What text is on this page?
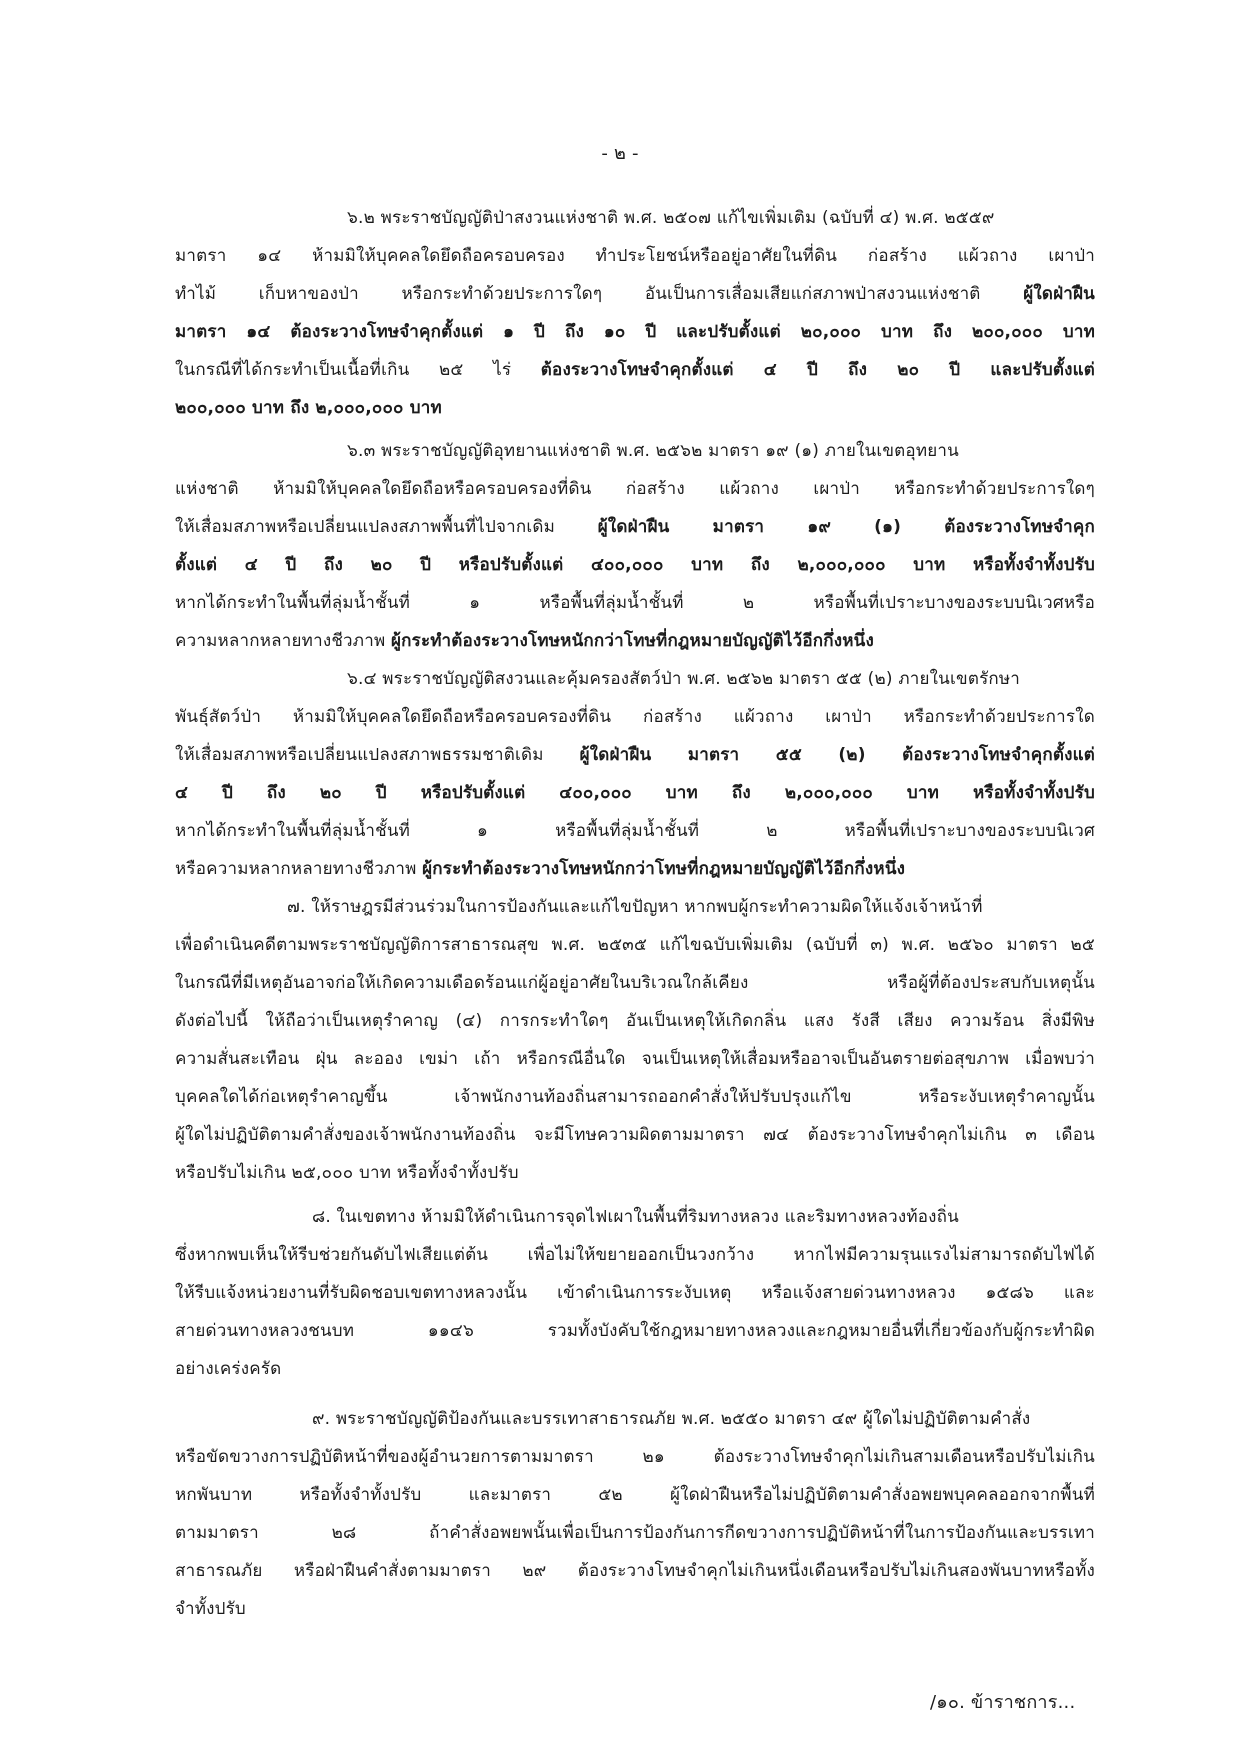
- ๒ -
๖.๒ พระราชบัญญัติป่าสงวนแห่งชาติ พ.ศ. ๒๕๐๗ แก้ไขเพิ่มเติม (ฉบับที่ ๔) พ.ศ. ๒๕๕๙
มาตรา ๑๔ ห้ามมิให้บุคคลใดยึดถือครอบครอง ทำประโยชน์หรืออยู่อาศัยในที่ดิน ก่อสร้าง แผ้วถาง เผาป่า
ทำไม้ เก็บหาของป่า หรือกระทำด้วยประการใดๆ อันเป็นการเสื่อมเสียแก่สภาพป่าสงวนแห่งชาติ	ผู้ใดฝ่าฝืน
มาตรา ๑๔ ต้องระวางโทษจำคุกตั้งแต่ ๑ ปี ถึง ๑๐ ปี และปรับตั้งแต่ ๒๐,๐๐๐ บาท ถึง ๒๐๐,๐๐๐ บาท
ในกรณีที่ได้กระทำเป็นเนื้อที่เกิน ๒๕ ไร่ ต้องระวางโทษจำคุกตั้งแต่ ๔ ปี ถึง ๒๐ ปี และปรับตั้งแต่
๒๐๐,๐๐๐ บาท ถึง ๒,๐๐๐,๐๐๐ บาท
๖.๓ พระราชบัญญัติอุทยานแห่งชาติ พ.ศ. ๒๕๖๒ มาตรา ๑๙ (๑) ภายในเขตอุทยาน
แห่งชาติ ห้ามมิให้บุคคลใดยึดถือหรือครอบครองที่ดิน ก่อสร้าง แผ้วถาง เผาป่า หรือกระทำด้วยประการใดๆ
ให้เสื่อมสภาพหรือเปลี่ยนแปลงสภาพพื้นที่ไปจากเดิม	ผู้ใดฝ่าฝืน มาตรา ๑๙ (๑) ต้องระวางโทษจำคุก
ตั้งแต่ ๔ ปี ถึง ๒๐ ปี หรือปรับตั้งแต่ ๔๐๐,๐๐๐ บาท ถึง ๒,๐๐๐,๐๐๐ บาท หรือทั้งจำทั้งปรับ
หากได้กระทำในพื้นที่ลุ่มน้ำชั้นที่ ๑ หรือพื้นที่ลุ่มน้ำชั้นที่ ๒ หรือพื้นที่เปราะบางของระบบนิเวศหรือ
ความหลากหลายทางชีวภาพ ผู้กระทำต้องระวางโทษหนักกว่าโทษที่กฎหมายบัญญัติไว้อีกกึ่งหนึ่ง
๖.๔ พระราชบัญญัติสงวนและคุ้มครองสัตว์ป่า พ.ศ. ๒๕๖๒ มาตรา ๕๕ (๒) ภายในเขตรักษา
พันธุ์สัตว์ป่า ห้ามมิให้บุคคลใดยึดถือหรือครอบครองที่ดิน ก่อสร้าง แผ้วถาง เผาป่า หรือกระทำด้วยประการใด
ให้เสื่อมสภาพหรือเปลี่ยนแปลงสภาพธรรมชาติเดิม ผู้ใดฝ่าฝืน มาตรา ๕๕ (๒) ต้องระวางโทษจำคุกตั้งแต่
๔ ปี ถึง ๒๐ ปี หรือปรับตั้งแต่ ๔๐๐,๐๐๐ บาท ถึง ๒,๐๐๐,๐๐๐ บาท หรือทั้งจำทั้งปรับ
หากได้กระทำในพื้นที่ลุ่มน้ำชั้นที่ ๑ หรือพื้นที่ลุ่มน้ำชั้นที่ ๒ หรือพื้นที่เปราะบางของระบบนิเวศ
หรือความหลากหลายทางชีวภาพ ผู้กระทำต้องระวางโทษหนักกว่าโทษที่กฎหมายบัญญัติไว้อีกกึ่งหนึ่ง
๗. ให้ราษฎรมีส่วนร่วมในการป้องกันและแก้ไขปัญหา หากพบผู้กระทำความผิดให้แจ้งเจ้าหน้าที่
เพื่อดำเนินคดีตามพระราชบัญญัติการสาธารณสุข พ.ศ. ๒๕๓๕ แก้ไขฉบับเพิ่มเติม (ฉบับที่ ๓) พ.ศ. ๒๕๖๐ มาตรา ๒๕
ในกรณีที่มีเหตุอันอาจก่อให้เกิดความเดือดร้อนแก่ผู้อยู่อาศัยในบริเวณใกล้เคียง หรือผู้ที่ต้องประสบกับเหตุนั้น
ดังต่อไปนี้ ให้ถือว่าเป็นเหตุรำคาญ (๔) การกระทำใดๆ อันเป็นเหตุให้เกิดกลิ่น แสง รังสี เสียง ความร้อน สิ่งมีพิษ
ความสั่นสะเทือน ฝุ่น ละออง เขม่า เถ้า หรือกรณีอื่นใด จนเป็นเหตุให้เสื่อมหรืออาจเป็นอันตรายต่อสุขภาพ เมื่อพบว่า
บุคคลใดได้ก่อเหตุรำคาญขึ้น เจ้าพนักงานท้องถิ่นสามารถออกคำสั่งให้ปรับปรุงแก้ไข หรือระงับเหตุรำคาญนั้น
ผู้ใดไม่ปฏิบัติตามคำสั่งของเจ้าพนักงานท้องถิ่น จะมีโทษความผิดตามมาตรา ๗๔ ต้องระวางโทษจำคุกไม่เกิน ๓ เดือน
หรือปรับไม่เกิน ๒๕,๐๐๐ บาท หรือทั้งจำทั้งปรับ
๘. ในเขตทาง ห้ามมิให้ดำเนินการจุดไฟเผาในพื้นที่ริมทางหลวง และริมทางหลวงท้องถิ่น
ซึ่งหากพบเห็นให้รีบช่วยกันดับไฟเสียแต่ต้น เพื่อไม่ให้ขยายออกเป็นวงกว้าง หากไฟมีความรุนแรงไม่สามารถดับไฟได้
ให้รีบแจ้งหน่วยงานที่รับผิดชอบเขตทางหลวงนั้น เข้าดำเนินการระงับเหตุ หรือแจ้งสายด่วนทางหลวง ๑๕๘๖ และ
สายด่วนทางหลวงชนบท ๑๑๔๖ รวมทั้งบังคับใช้กฎหมายทางหลวงและกฎหมายอื่นที่เกี่ยวข้องกับผู้กระทำผิด
อย่างเคร่งครัด
๙. พระราชบัญญัติป้องกันและบรรเทาสาธารณภัย พ.ศ. ๒๕๕๐ มาตรา ๔๙ ผู้ใดไม่ปฏิบัติตามคำสั่ง
หรือขัดขวางการปฏิบัติหน้าที่ของผู้อำนวยการตามมาตรา ๒๑ ต้องระวางโทษจำคุกไม่เกินสามเดือนหรือปรับไม่เกิน
หกพันบาท หรือทั้งจำทั้งปรับ และมาตรา ๕๒ ผู้ใดฝ่าฝืนหรือไม่ปฏิบัติตามคำสั่งอพยพบุคคลออกจากพื้นที่
ตามมาตรา ๒๘ ถ้าคำสั่งอพยพนั้นเพื่อเป็นการป้องกันการกีดขวางการปฏิบัติหน้าที่ในการป้องกันและบรรเทา
สาธารณภัย หรือฝ่าฝืนคำสั่งตามมาตรา ๒๙ ต้องระวางโทษจำคุกไม่เกินหนึ่งเดือนหรือปรับไม่เกินสองพันบาทหรือทั้ง
จำทั้งปรับ
/๑๐. ข้าราชการ...
